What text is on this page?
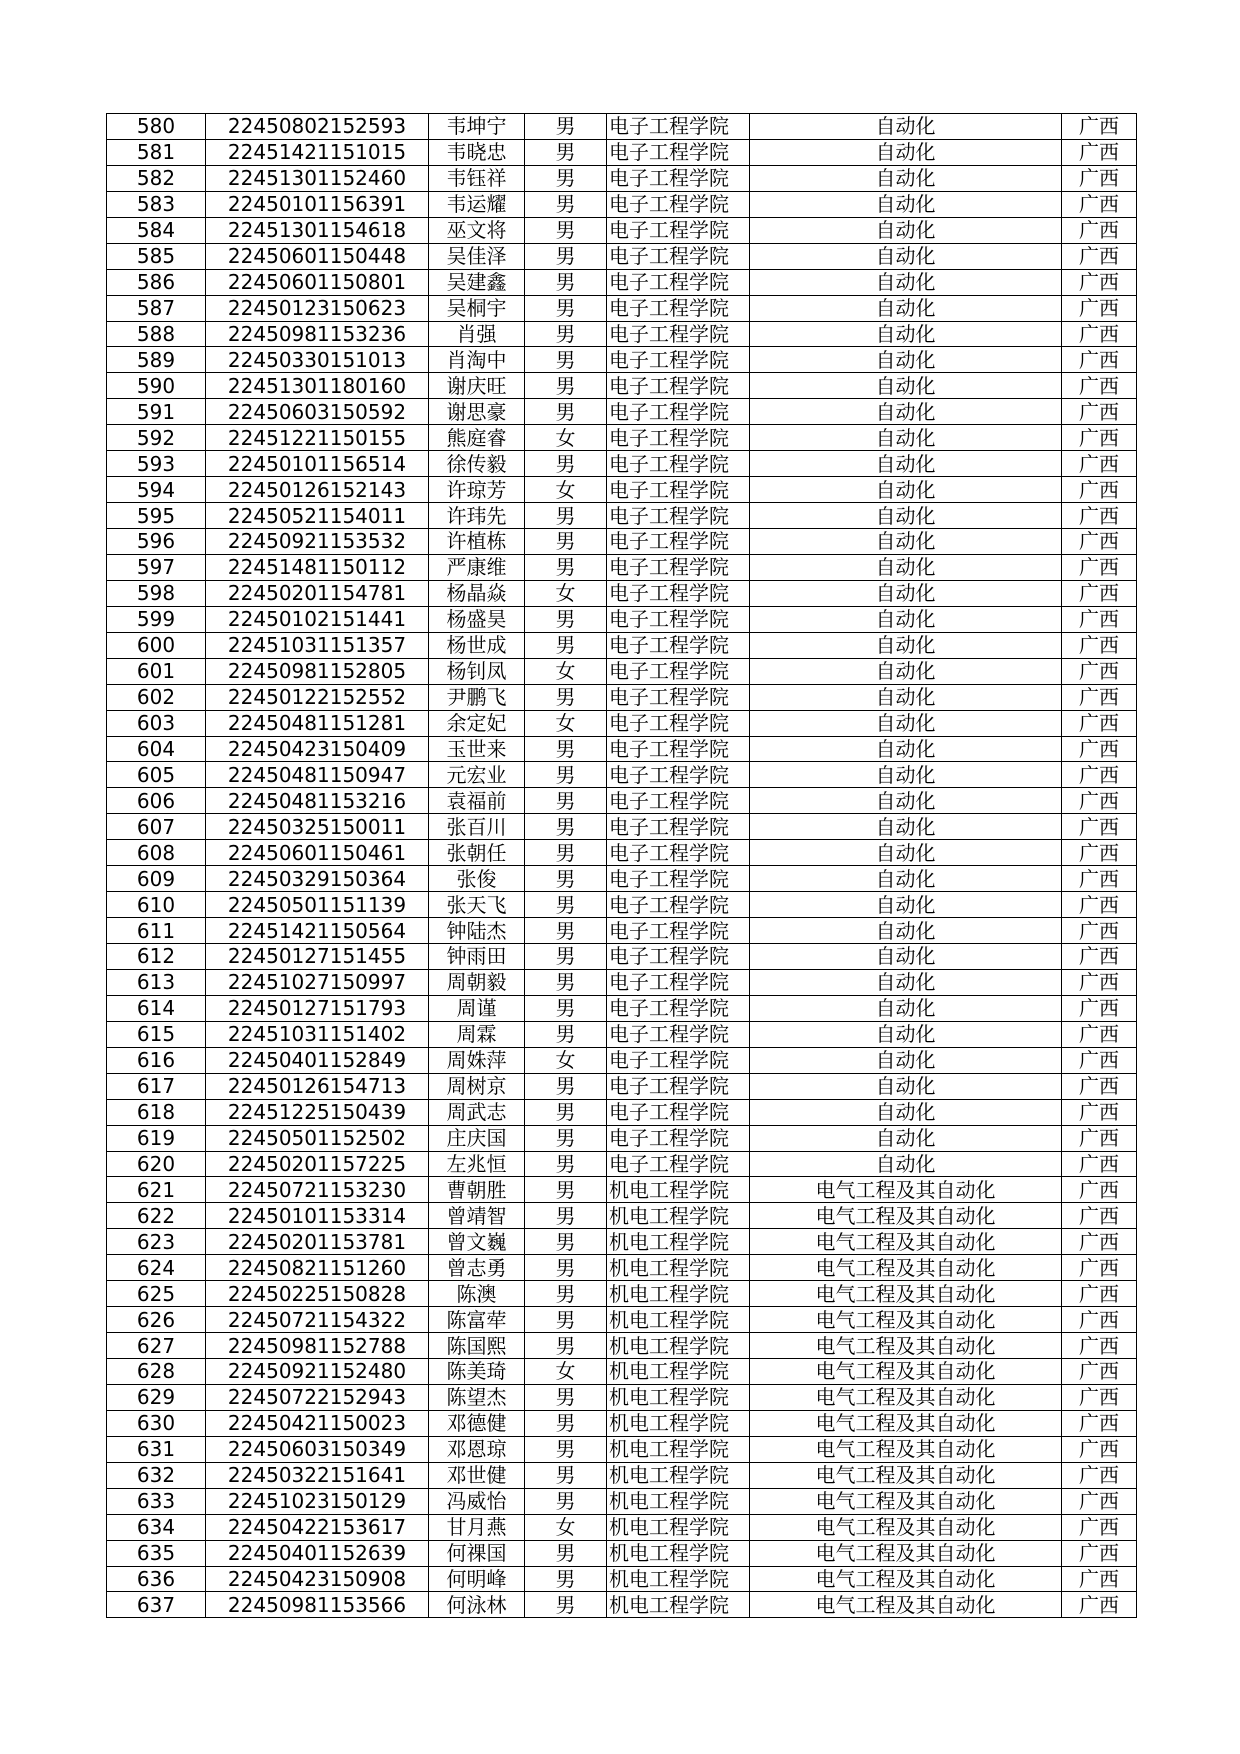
580	22450802152593	韦坤宁	男	电子工程学院	自动化	广西
581	22451421151015	韦晓忠	男	电子工程学院	自动化	广西
582	22451301152460	韦钰祥	男	电子工程学院	自动化	广西
583	22450101156391	韦运耀	男	电子工程学院	自动化	广西
584	22451301154618	巫文将	男	电子工程学院	自动化	广西
585	22450601150448	吴佳泽	男	电子工程学院	自动化	广西
586	22450601150801	吴建鑫	男	电子工程学院	自动化	广西
587	22450123150623	吴桐宇	男	电子工程学院	自动化	广西
588	22450981153236	肖强	男	电子工程学院	自动化	广西
589	22450330151013	肖淘中	男	电子工程学院	自动化	广西
590	22451301180160	谢庆旺	男	电子工程学院	自动化	广西
591	22450603150592	谢思豪	男	电子工程学院	自动化	广西
592	22451221150155	熊庭睿	女	电子工程学院	自动化	广西
593	22450101156514	徐传毅	男	电子工程学院	自动化	广西
594	22450126152143	许琼芳	女	电子工程学院	自动化	广西
595	22450521154011	许玮先	男	电子工程学院	自动化	广西
596	22450921153532	许植栋	男	电子工程学院	自动化	广西
597	22451481150112	严康维	男	电子工程学院	自动化	广西
598	22450201154781	杨晶焱	女	电子工程学院	自动化	广西
599	22450102151441	杨盛昊	男	电子工程学院	自动化	广西
600	22451031151357	杨世成	男	电子工程学院	自动化	广西
601	22450981152805	杨钊凤	女	电子工程学院	自动化	广西
602	22450122152552	尹鹏飞	男	电子工程学院	自动化	广西
603	22450481151281	余定妃	女	电子工程学院	自动化	广西
604	22450423150409	玉世来	男	电子工程学院	自动化	广西
605	22450481150947	元宏业	男	电子工程学院	自动化	广西
606	22450481153216	袁福前	男	电子工程学院	自动化	广西
607	22450325150011	张百川	男	电子工程学院	自动化	广西
608	22450601150461	张朝任	男	电子工程学院	自动化	广西
609	22450329150364	张俊	男	电子工程学院	自动化	广西
610	22450501151139	张天飞	男	电子工程学院	自动化	广西
611	22451421150564	钟陆杰	男	电子工程学院	自动化	广西
612	22450127151455	钟雨田	男	电子工程学院	自动化	广西
613	22451027150997	周朝毅	男	电子工程学院	自动化	广西
614	22450127151793	周谨	男	电子工程学院	自动化	广西
615	22451031151402	周霖	男	电子工程学院	自动化	广西
616	22450401152849	周姝萍	女	电子工程学院	自动化	广西
617	22450126154713	周树京	男	电子工程学院	自动化	广西
618	22451225150439	周武志	男	电子工程学院	自动化	广西
619	22450501152502	庄庆国	男	电子工程学院	自动化	广西
620	22450201157225	左兆恒	男	电子工程学院	自动化	广西
621	22450721153230	曹朝胜	男	机电工程学院	电气工程及其自动化	广西
622	22450101153314	曾靖智	男	机电工程学院	电气工程及其自动化	广西
623	22450201153781	曾文巍	男	机电工程学院	电气工程及其自动化	广西
624	22450821151260	曾志勇	男	机电工程学院	电气工程及其自动化	广西
625	22450225150828	陈澳	男	机电工程学院	电气工程及其自动化	广西
626	22450721154322	陈富荦	男	机电工程学院	电气工程及其自动化	广西
627	22450981152788	陈国熙	男	机电工程学院	电气工程及其自动化	广西
628	22450921152480	陈美琦	女	机电工程学院	电气工程及其自动化	广西
629	22450722152943	陈望杰	男	机电工程学院	电气工程及其自动化	广西
630	22450421150023	邓德健	男	机电工程学院	电气工程及其自动化	广西
631	22450603150349	邓恩琼	男	机电工程学院	电气工程及其自动化	广西
632	22450322151641	邓世健	男	机电工程学院	电气工程及其自动化	广西
633	22451023150129	冯威怡	男	机电工程学院	电气工程及其自动化	广西
634	22450422153617	甘月燕	女	机电工程学院	电气工程及其自动化	广西
635	22450401152639	何祼国	男	机电工程学院	电气工程及其自动化	广西
636	22450423150908	何明峰	男	机电工程学院	电气工程及其自动化	广西
637	22450981153566	何泳林	男	机电工程学院	电气工程及其自动化	广西
